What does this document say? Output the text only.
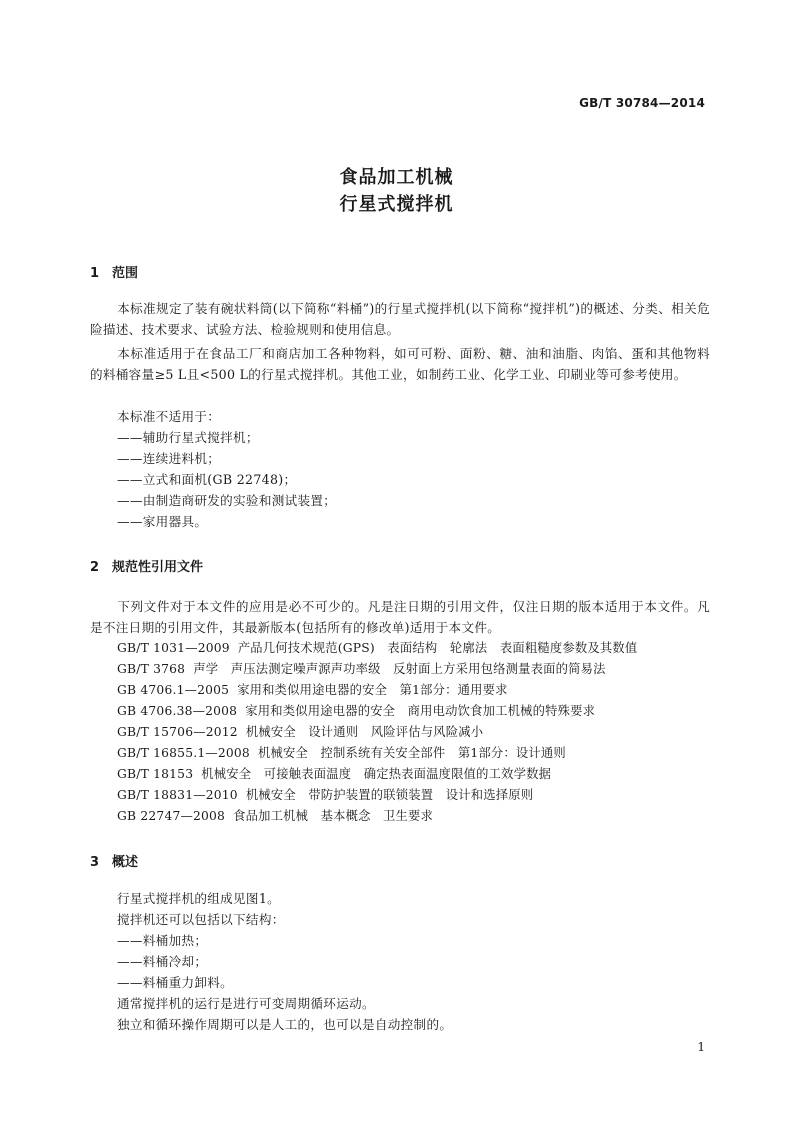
GB/T 30784—2014
食品加工机械
行星式搅拌机
1 范围
本标准规定了装有碗状料筒(以下简称“料桶”)的行星式搅拌机(以下简称“搅拌机”)的概述、分类、相关危险描述、技术要求、试验方法、检验规则和使用信息。
本标准适用于在食品工厂和商店加工各种物料，如可可粉、面粉、糖、油和油脂、肉馅、蛋和其他物料的料桶容量≥5 L且<500 L的行星式搅拌机。其他工业，如制药工业、化学工业、印刷业等可参考使用。
本标准不适用于：
——辅助行星式搅拌机；
——连续进料机；
——立式和面机(GB 22748)；
——由制造商研发的实验和测试装置；
——家用器具。
2 规范性引用文件
下列文件对于本文件的应用是必不可少的。凡是注日期的引用文件，仅注日期的版本适用于本文件。凡是不注日期的引用文件，其最新版本(包括所有的修改单)适用于本文件。
GB/T 1031—2009 产品几何技术规范(GPS)　表面结构　轮廓法　表面粗糙度参数及其数值
GB/T 3768 声学　声压法测定噪声源声功率级　反射面上方采用包络测量表面的简易法
GB 4706.1—2005 家用和类似用途电器的安全　第1部分：通用要求
GB 4706.38—2008 家用和类似用途电器的安全　商用电动饮食加工机械的特殊要求
GB/T 15706—2012 机械安全　设计通则　风险评估与风险减小
GB/T 16855.1—2008 机械安全　控制系统有关安全部件　第1部分：设计通则
GB/T 18153 机械安全　可接触表面温度　确定热表面温度限值的工效学数据
GB/T 18831—2010 机械安全　带防护装置的联锁装置　设计和选择原则
GB 22747—2008 食品加工机械　基本概念　卫生要求
3 概述
行星式搅拌机的组成见图1。
搅拌机还可以包括以下结构：
——料桶加热；
——料桶冷却；
——料桶重力卸料。
通常搅拌机的运行是进行可变周期循环运动。
独立和循环操作周期可以是人工的，也可以是自动控制的。
1
